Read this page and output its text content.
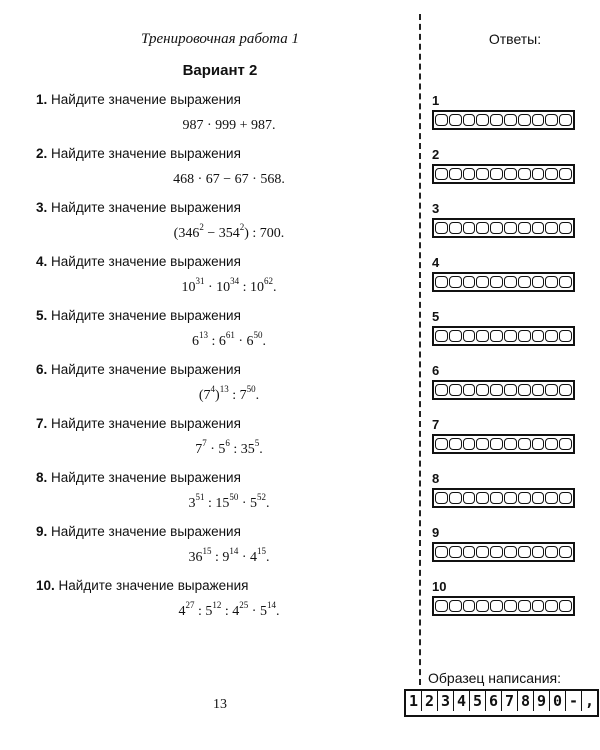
Тренировочная работа 1
Вариант 2
Ответы:
1. Найдите значение выражения
987 · 999 + 987.
2. Найдите значение выражения
468 · 67 − 67 · 568.
3. Найдите значение выражения
$(346^2 - 354^2)$ : 700.
4. Найдите значение выражения
$10^{31} \cdot 10^{34}$ : $10^{62}$.
5. Найдите значение выражения
$6^{13}$ : $6^{61} \cdot 6^{50}$.
6. Найдите значение выражения
$(7^4)^{13}$ : $7^{50}$.
7. Найдите значение выражения
$7^7 \cdot 5^6$ : $35^5$.
8. Найдите значение выражения
$3^{51}$ : $15^{50} \cdot 5^{52}$.
9. Найдите значение выражения
$36^{15}$ : $9^{14} \cdot 4^{15}$.
10. Найдите значение выражения
$4^{27}$ : $5^{12}$ : $4^{25} \cdot 5^{14}$.
1
2
3
4
5
6
7
8
9
10
Образец написания:
1 2 3 4 5 6 7 8 9 0 - ,
13
